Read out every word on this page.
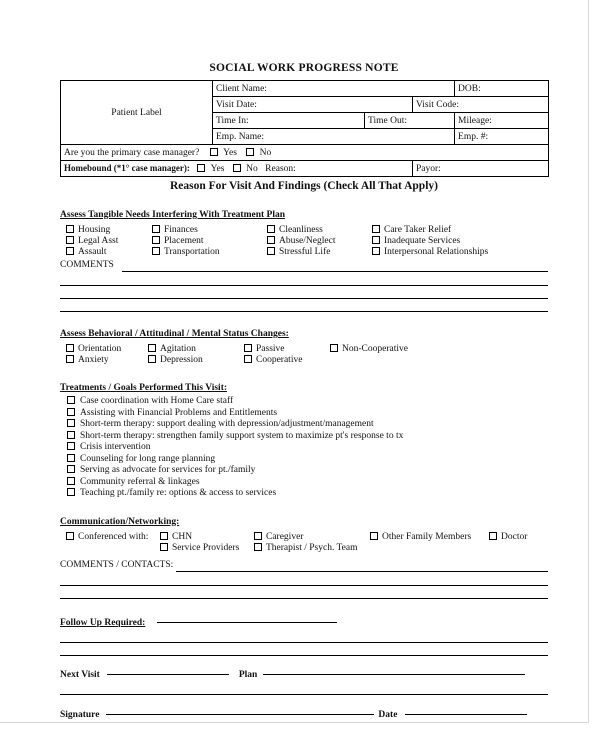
SOCIAL WORK PROGRESS NOTE
Patient Label	Client Name:			DOB:
	Visit Date:		Visit Code:	
	Time In:	Time Out:		Mileage:
	Emp. Name:			Emp. #:
Are you the primary case manager? Yes No				
Homebound (*1° case manager): Yes No Reason:			Payor:	
Reason For Visit And Findings (Check All That Apply)
Assess Tangible Needs Interfering With Treatment Plan
Housing	Finances	Cleanliness	Care Taker Relief
Legal Asst	Placement	Abuse/Neglect	Inadequate Services
Assault	Transportation	Stressful Life	Interpersonal Relationships
COMMENTS
Assess Behavioral / Attitudinal / Mental Status Changes:
Orientation	Agitation	Passive	Non-Cooperative
Anxiety	Depression	Cooperative
Treatments / Goals Performed This Visit:
Case coordination with Home Care staff
Assisting with Financial Problems and Entitlements
Short-term therapy: support dealing with depression/adjustment/management
Short-term therapy: strengthen family support system to maximize pt's response to tx
Crisis intervention
Counseling for long range planning
Serving as advocate for services for pt./family
Community referral & linkages
Teaching pt./family re: options & access to services
Communication/Networking:
Conferenced with:	CHN	Caregiver	Other Family Members	Doctor
Service Providers	Therapist / Psych. Team
COMMENTS / CONTACTS:
Follow Up Required:
Next Visit	Plan
Signature	Date
